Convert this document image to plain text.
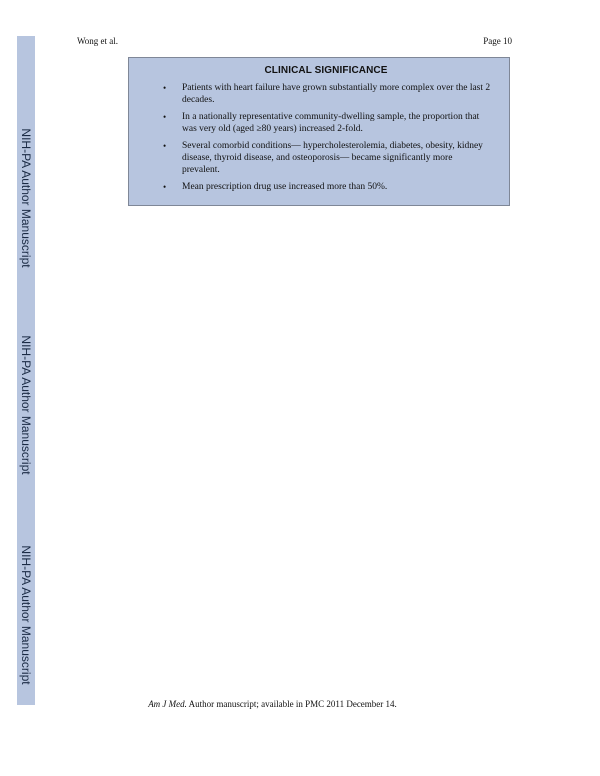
NIH-PA Author Manuscript
NIH-PA Author Manuscript
NIH-PA Author Manuscript
Wong et al.	Page 10
CLINICAL SIGNIFICANCE
• Patients with heart failure have grown substantially more complex over the last 2 decades.
• In a nationally representative community-dwelling sample, the proportion that was very old (aged ≥80 years) increased 2-fold.
• Several comorbid conditions— hypercholesterolemia, diabetes, obesity, kidney disease, thyroid disease, and osteoporosis— became significantly more prevalent.
• Mean prescription drug use increased more than 50%.
Am J Med. Author manuscript; available in PMC 2011 December 14.
